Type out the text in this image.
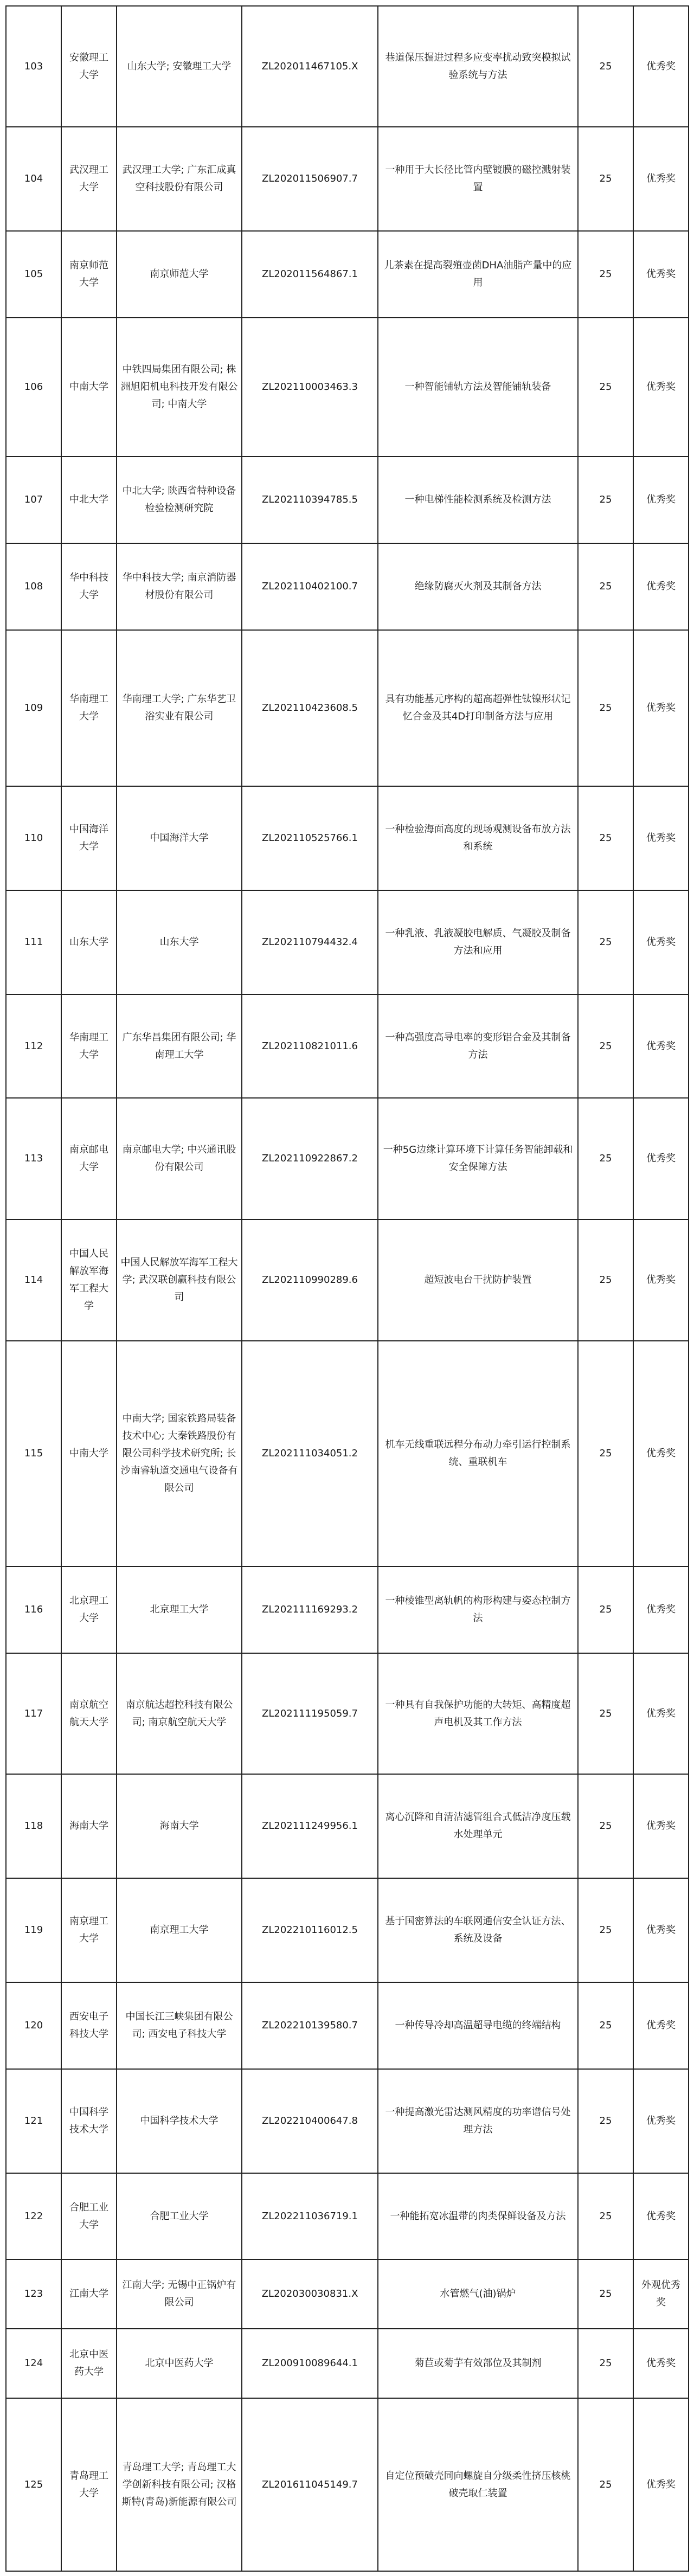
103	安徽理工大学	山东大学; 安徽理工大学	ZL202011467105.X	巷道保压掘进过程多应变率扰动致突模拟试验系统与方法	25	优秀奖
104	武汉理工大学	武汉理工大学; 广东汇成真空科技股份有限公司	ZL202011506907.7	一种用于大长径比管内壁镀膜的磁控溅射装置	25	优秀奖
105	南京师范大学	南京师范大学	ZL202011564867.1	儿茶素在提高裂殖壶菌DHA油脂产量中的应用	25	优秀奖
106	中南大学	中铁四局集团有限公司; 株洲旭阳机电科技开发有限公司; 中南大学	ZL202110003463.3	一种智能铺轨方法及智能铺轨装备	25	优秀奖
107	中北大学	中北大学; 陕西省特种设备检验检测研究院	ZL202110394785.5	一种电梯性能检测系统及检测方法	25	优秀奖
108	华中科技大学	华中科技大学; 南京消防器材股份有限公司	ZL202110402100.7	绝缘防腐灭火剂及其制备方法	25	优秀奖
109	华南理工大学	华南理工大学; 广东华艺卫浴实业有限公司	ZL202110423608.5	具有功能基元序构的超高超弹性钛镍形状记忆合金及其4D打印制备方法与应用	25	优秀奖
110	中国海洋大学	中国海洋大学	ZL202110525766.1	一种检验海面高度的现场观测设备布放方法和系统	25	优秀奖
111	山东大学	山东大学	ZL202110794432.4	一种乳液、乳液凝胶电解质、气凝胶及制备方法和应用	25	优秀奖
112	华南理工大学	广东华昌集团有限公司; 华南理工大学	ZL202110821011.6	一种高强度高导电率的变形铝合金及其制备方法	25	优秀奖
113	南京邮电大学	南京邮电大学; 中兴通讯股份有限公司	ZL202110922867.2	一种5G边缘计算环境下计算任务智能卸载和安全保障方法	25	优秀奖
114	中国人民解放军海军工程大学	中国人民解放军海军工程大学; 武汉联创赢科技有限公司	ZL202110990289.6	超短波电台干扰防护装置	25	优秀奖
115	中南大学	中南大学; 国家铁路局装备技术中心; 大秦铁路股份有限公司科学技术研究所; 长沙南睿轨道交通电气设备有限公司	ZL202111034051.2	机车无线重联远程分布动力牵引运行控制系统、重联机车	25	优秀奖
116	北京理工大学	北京理工大学	ZL202111169293.2	一种棱锥型离轨帆的构形构建与姿态控制方法	25	优秀奖
117	南京航空航天大学	南京航达超控科技有限公司; 南京航空航天大学	ZL202111195059.7	一种具有自我保护功能的大转矩、高精度超声电机及其工作方法	25	优秀奖
118	海南大学	海南大学	ZL202111249956.1	离心沉降和自清洁滤管组合式低洁净度压载水处理单元	25	优秀奖
119	南京理工大学	南京理工大学	ZL202210116012.5	基于国密算法的车联网通信安全认证方法、系统及设备	25	优秀奖
120	西安电子科技大学	中国长江三峡集团有限公司; 西安电子科技大学	ZL202210139580.7	一种传导冷却高温超导电缆的终端结构	25	优秀奖
121	中国科学技术大学	中国科学技术大学	ZL202210400647.8	一种提高激光雷达测风精度的功率谱信号处理方法	25	优秀奖
122	合肥工业大学	合肥工业大学	ZL202211036719.1	一种能拓宽冰温带的肉类保鲜设备及方法	25	优秀奖
123	江南大学	江南大学; 无锡中正锅炉有限公司	ZL202030030831.X	水管燃气(油)锅炉	25	外观优秀奖
124	北京中医药大学	北京中医药大学	ZL200910089644.1	菊苣或菊芋有效部位及其制剂	25	优秀奖
125	青岛理工大学	青岛理工大学; 青岛理工大学创新科技有限公司; 汉格斯特(青岛)新能源有限公司	ZL201611045149.7	自定位预破壳同向螺旋自分级柔性挤压核桃破壳取仁装置	25	优秀奖
